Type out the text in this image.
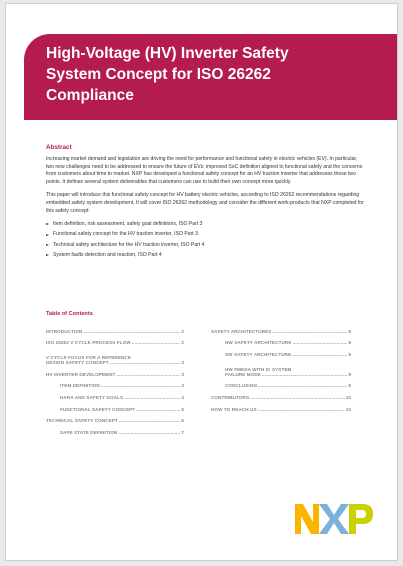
High-Voltage (HV) Inverter Safety
System Concept for ISO 26262
Compliance
Abstract

Increasing market demand and legislation are driving the need for performance and functional safety in electric vehicles (EV). In particular, two new challenges need to be addressed to ensure the future of EVs: improved SoC definition aligned to functional safety and the concerns from customers about time to market. NXP has developed a functional safety concept for an HV traction inverter that addresses these two points. It defines several system deliverables that customers can use to build their own concept more quickly.

This paper will introduce this functional safety concept for HV battery electric vehicles, according to ISO 26262 recommendations regarding embedded safety system development. It will cover ISO 26262 methodology and consider the different work-products that NXP completed for this safety concept:

Item definition, risk assessment, safety goal definitions, ISO Part 3
Functional safety concept for the HV traction inverter, ISO Part 3
Technical safety architecture for the HV traction inverter, ISO Part 4
System faults detection and reaction, ISO Part 4
Table of Contents
INTRODUCTION .....	2
ISO 26262 V CYCLE PROCESS FLOW .....	2
V CYCLE FOCUS FOR A REFERENCE
DESIGN SAFETY CONCEPT .....	3
HV INVERTER DEVELOPMENT .....	3
ITEM DEFINITION .....	3
HARA AND SAFETY GOALS .....	4
FUNCTIONAL SAFETY CONCEPT .....	5
TECHNICAL SAFETY CONCEPT .....	6
SAFE STATE DEFINITION .....	7
SAFETY ARCHITECTURES .....	8
HW SAFETY ARCHITECTURE .....	8
SW SAFETY ARCHITECTURE .....	9
HW FMEDA WITH IC SYSTEM
FAILURE MODE .....	9
CONCLUSION .....	9
CONTRIBUTORS .....	10
HOW TO REACH US: .....	10
